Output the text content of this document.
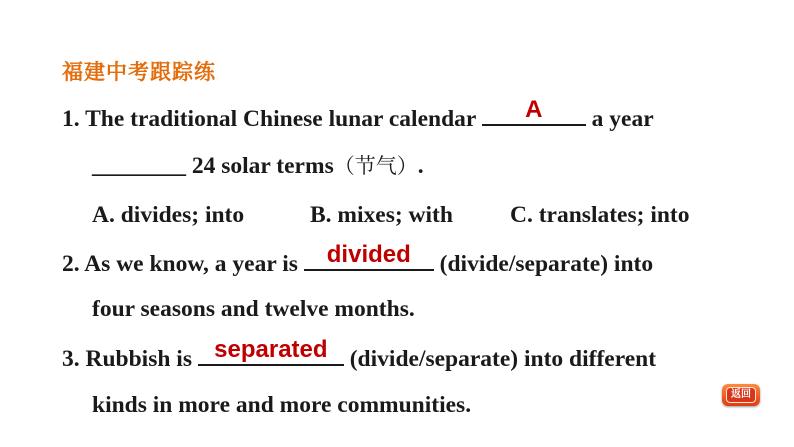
福建中考跟踪练
1. The traditional Chinese lunar calendar	A	a year
________ 24 solar terms（节气）.
A. divides; into	B. mixes; with C. translates; into
2. As we know, a year is divided (divide/separate) into
four seasons and twelve months.
3. Rubbish is separated (divide/separate) into different
kinds in more and more communities.	返回
